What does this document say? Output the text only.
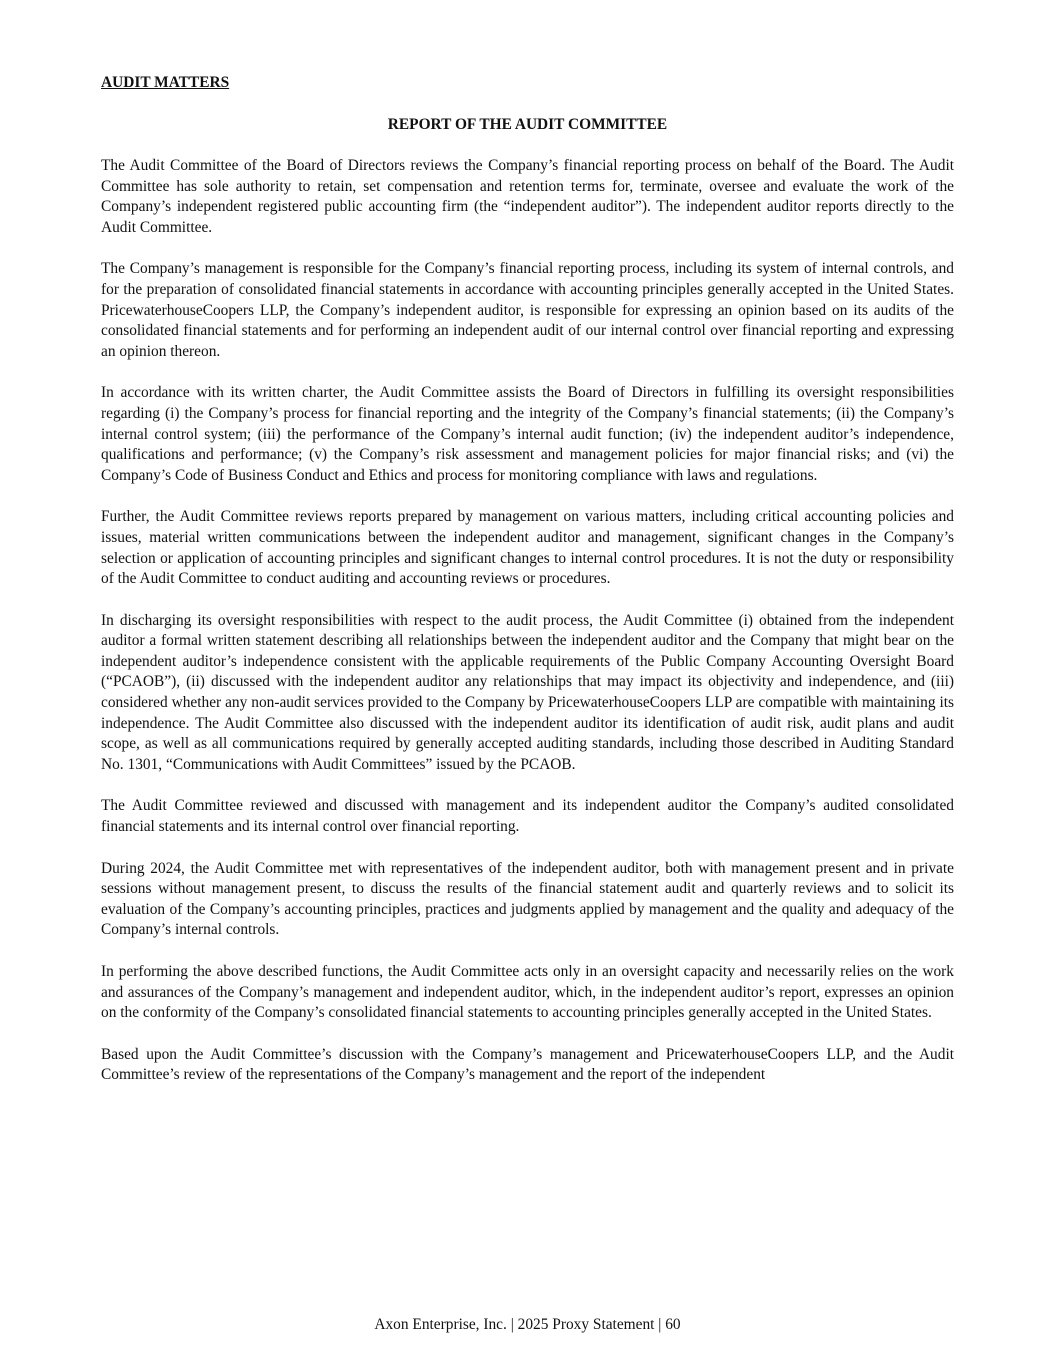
AUDIT MATTERS

REPORT OF THE AUDIT COMMITTEE

The Audit Committee of the Board of Directors reviews the Company’s financial reporting process on behalf of the Board. The Audit Committee has sole authority to retain, set compensation and retention terms for, terminate, oversee and evaluate the work of the Company’s independent registered public accounting firm (the “independent auditor”). The independent auditor reports directly to the Audit Committee.

The Company’s management is responsible for the Company’s financial reporting process, including its system of internal controls, and for the preparation of consolidated financial statements in accordance with accounting principles generally accepted in the United States. PricewaterhouseCoopers LLP, the Company’s independent auditor, is responsible for expressing an opinion based on its audits of the consolidated financial statements and for performing an independent audit of our internal control over financial reporting and expressing an opinion thereon.

In accordance with its written charter, the Audit Committee assists the Board of Directors in fulfilling its oversight responsibilities regarding (i) the Company’s process for financial reporting and the integrity of the Company’s financial statements; (ii) the Company’s internal control system; (iii) the performance of the Company’s internal audit function; (iv) the independent auditor’s independence, qualifications and performance; (v) the Company’s risk assessment and management policies for major financial risks; and (vi) the Company’s Code of Business Conduct and Ethics and process for monitoring compliance with laws and regulations.

Further, the Audit Committee reviews reports prepared by management on various matters, including critical accounting policies and issues, material written communications between the independent auditor and management, significant changes in the Company’s selection or application of accounting principles and significant changes to internal control procedures. It is not the duty or responsibility of the Audit Committee to conduct auditing and accounting reviews or procedures.

In discharging its oversight responsibilities with respect to the audit process, the Audit Committee (i) obtained from the independent auditor a formal written statement describing all relationships between the independent auditor and the Company that might bear on the independent auditor’s independence consistent with the applicable requirements of the Public Company Accounting Oversight Board (“PCAOB”), (ii) discussed with the independent auditor any relationships that may impact its objectivity and independence, and (iii) considered whether any non-audit services provided to the Company by PricewaterhouseCoopers LLP are compatible with maintaining its independence. The Audit Committee also discussed with the independent auditor its identification of audit risk, audit plans and audit scope, as well as all communications required by generally accepted auditing standards, including those described in Auditing Standard No. 1301, “Communications with Audit Committees” issued by the PCAOB.

The Audit Committee reviewed and discussed with management and its independent auditor the Company’s audited consolidated financial statements and its internal control over financial reporting.

During 2024, the Audit Committee met with representatives of the independent auditor, both with management present and in private sessions without management present, to discuss the results of the financial statement audit and quarterly reviews and to solicit its evaluation of the Company’s accounting principles, practices and judgments applied by management and the quality and adequacy of the Company’s internal controls.

In performing the above described functions, the Audit Committee acts only in an oversight capacity and necessarily relies on the work and assurances of the Company’s management and independent auditor, which, in the independent auditor’s report, expresses an opinion on the conformity of the Company’s consolidated financial statements to accounting principles generally accepted in the United States.

Based upon the Audit Committee’s discussion with the Company’s management and PricewaterhouseCoopers LLP, and the Audit Committee’s review of the representations of the Company’s management and the report of the independent

Axon Enterprise, Inc. | 2025 Proxy Statement | 60
